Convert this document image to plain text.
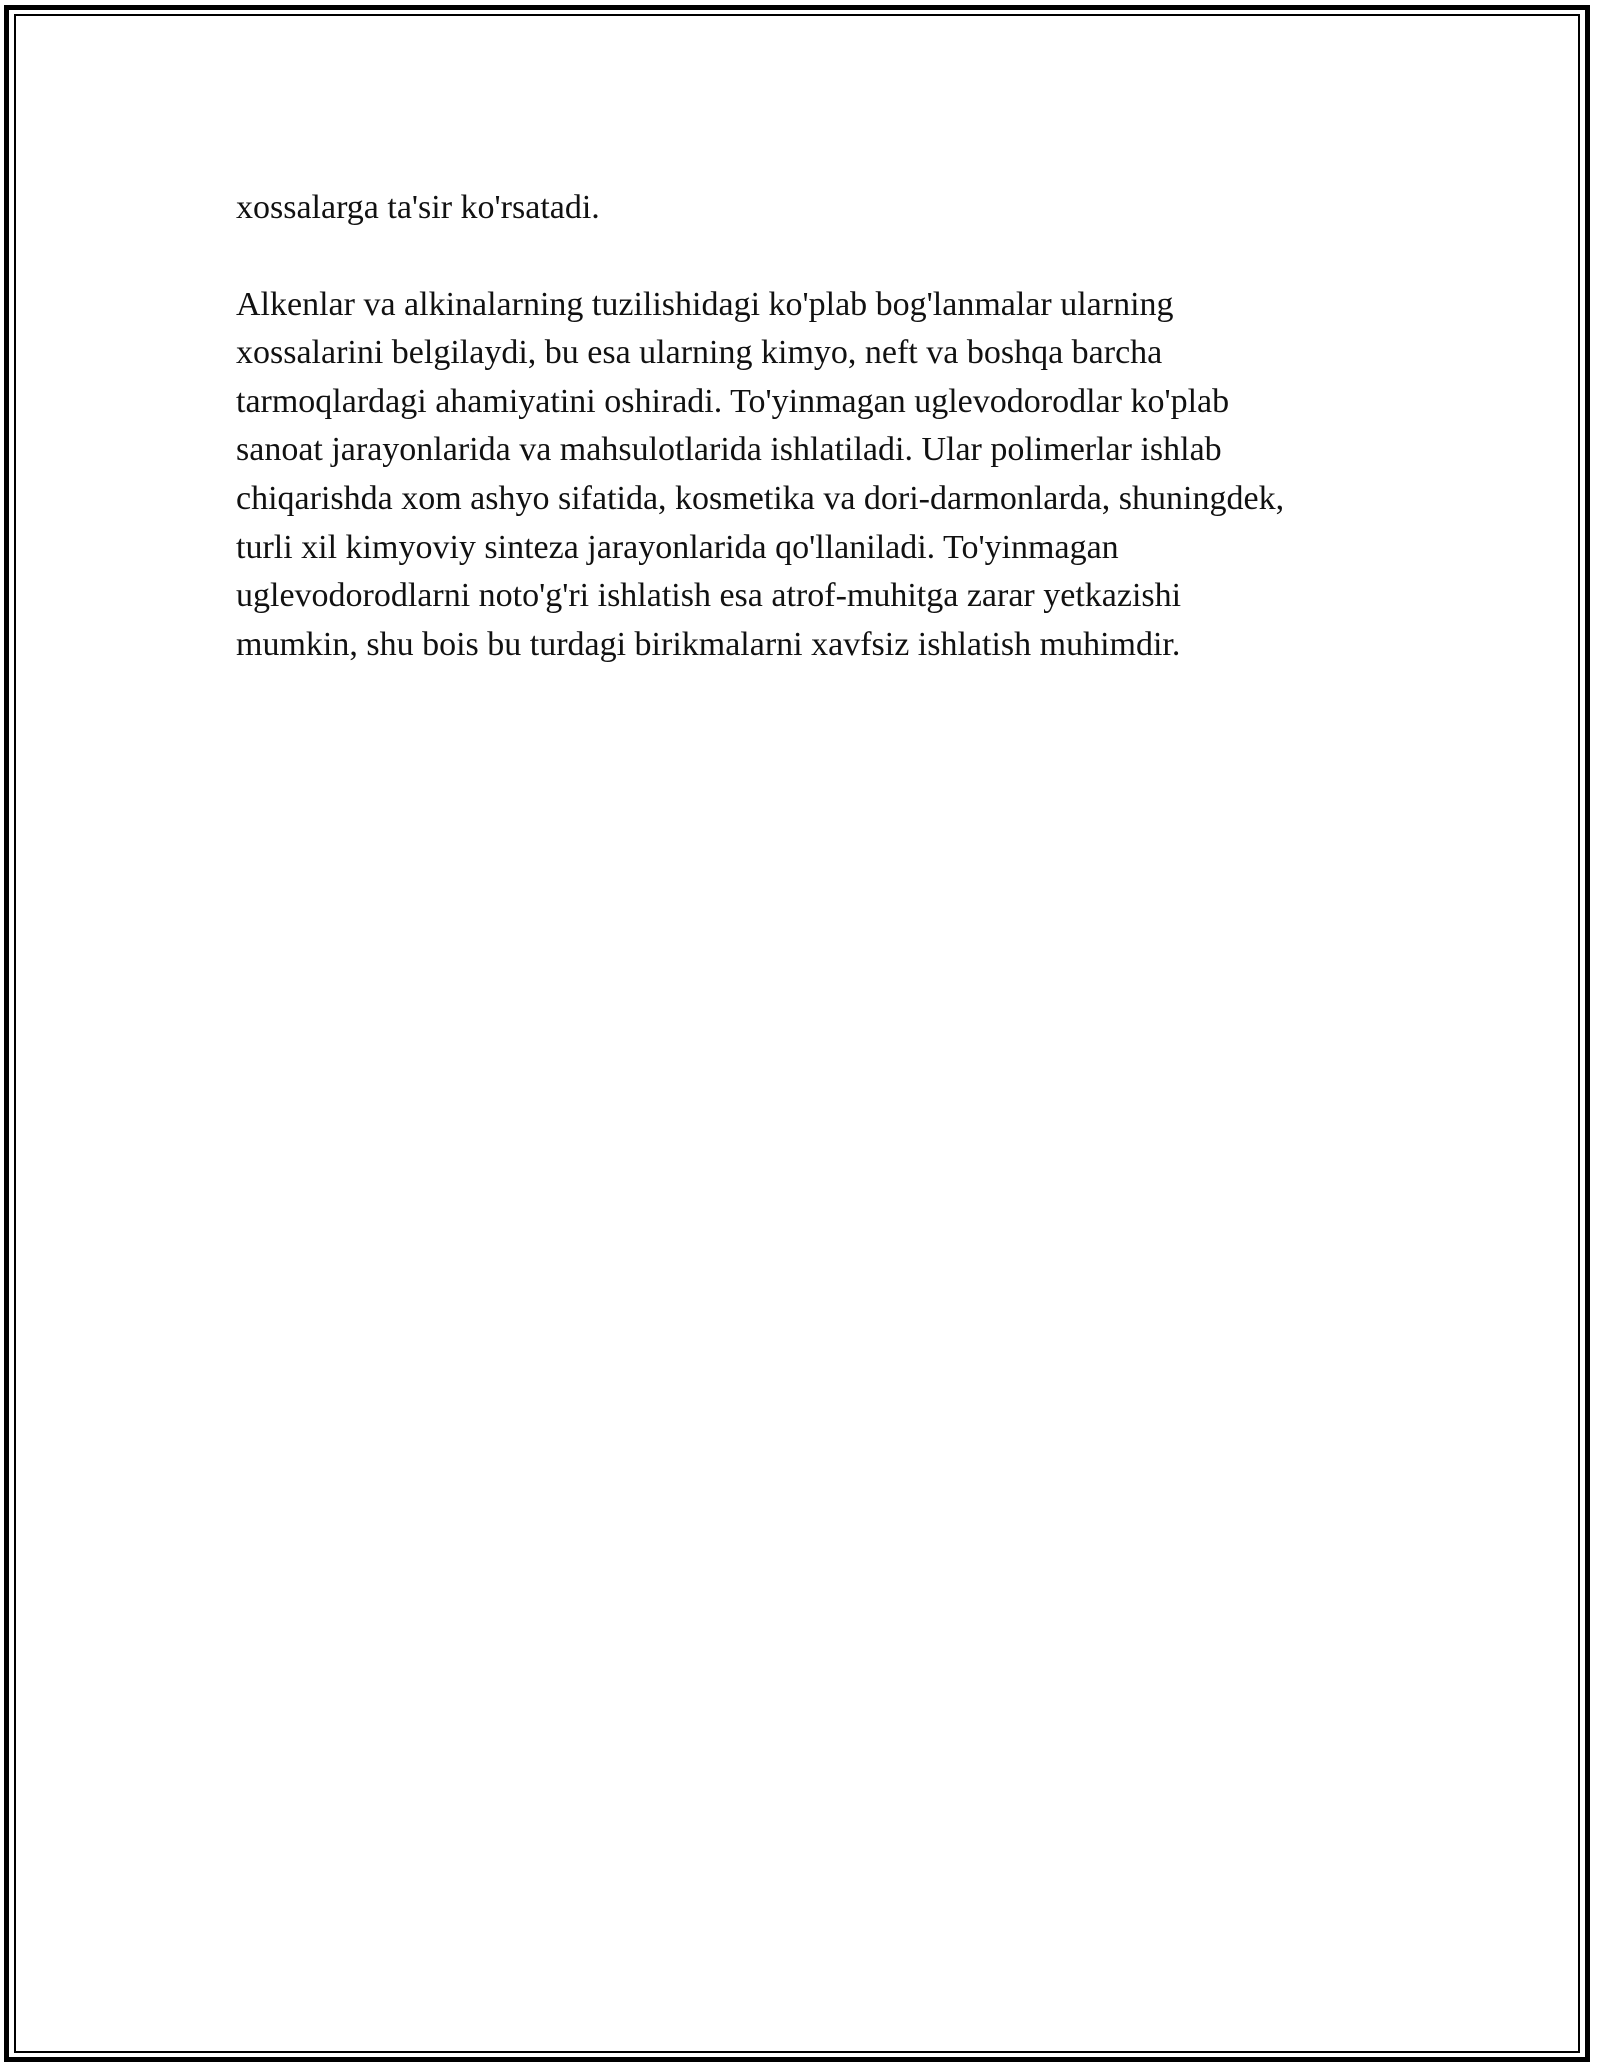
xossalarga ta'sir ko'rsatadi.

Alkenlar va alkinalarning tuzilishidagi ko'plab bog'lanmalar ularning
xossalarini belgilaydi, bu esa ularning kimyo, neft va boshqa barcha
tarmoqlardagi ahamiyatini oshiradi. To'yinmagan uglevodorodlar ko'plab
sanoat jarayonlarida va mahsulotlarida ishlatiladi. Ular polimerlar ishlab
chiqarishda xom ashyo sifatida, kosmetika va dori-darmonlarda, shuningdek,
turli xil kimyoviy sinteza jarayonlarida qo'llaniladi. To'yinmagan
uglevodorodlarni noto'g'ri ishlatish esa atrof-muhitga zarar yetkazishi
mumkin, shu bois bu turdagi birikmalarni xavfsiz ishlatish muhimdir.
